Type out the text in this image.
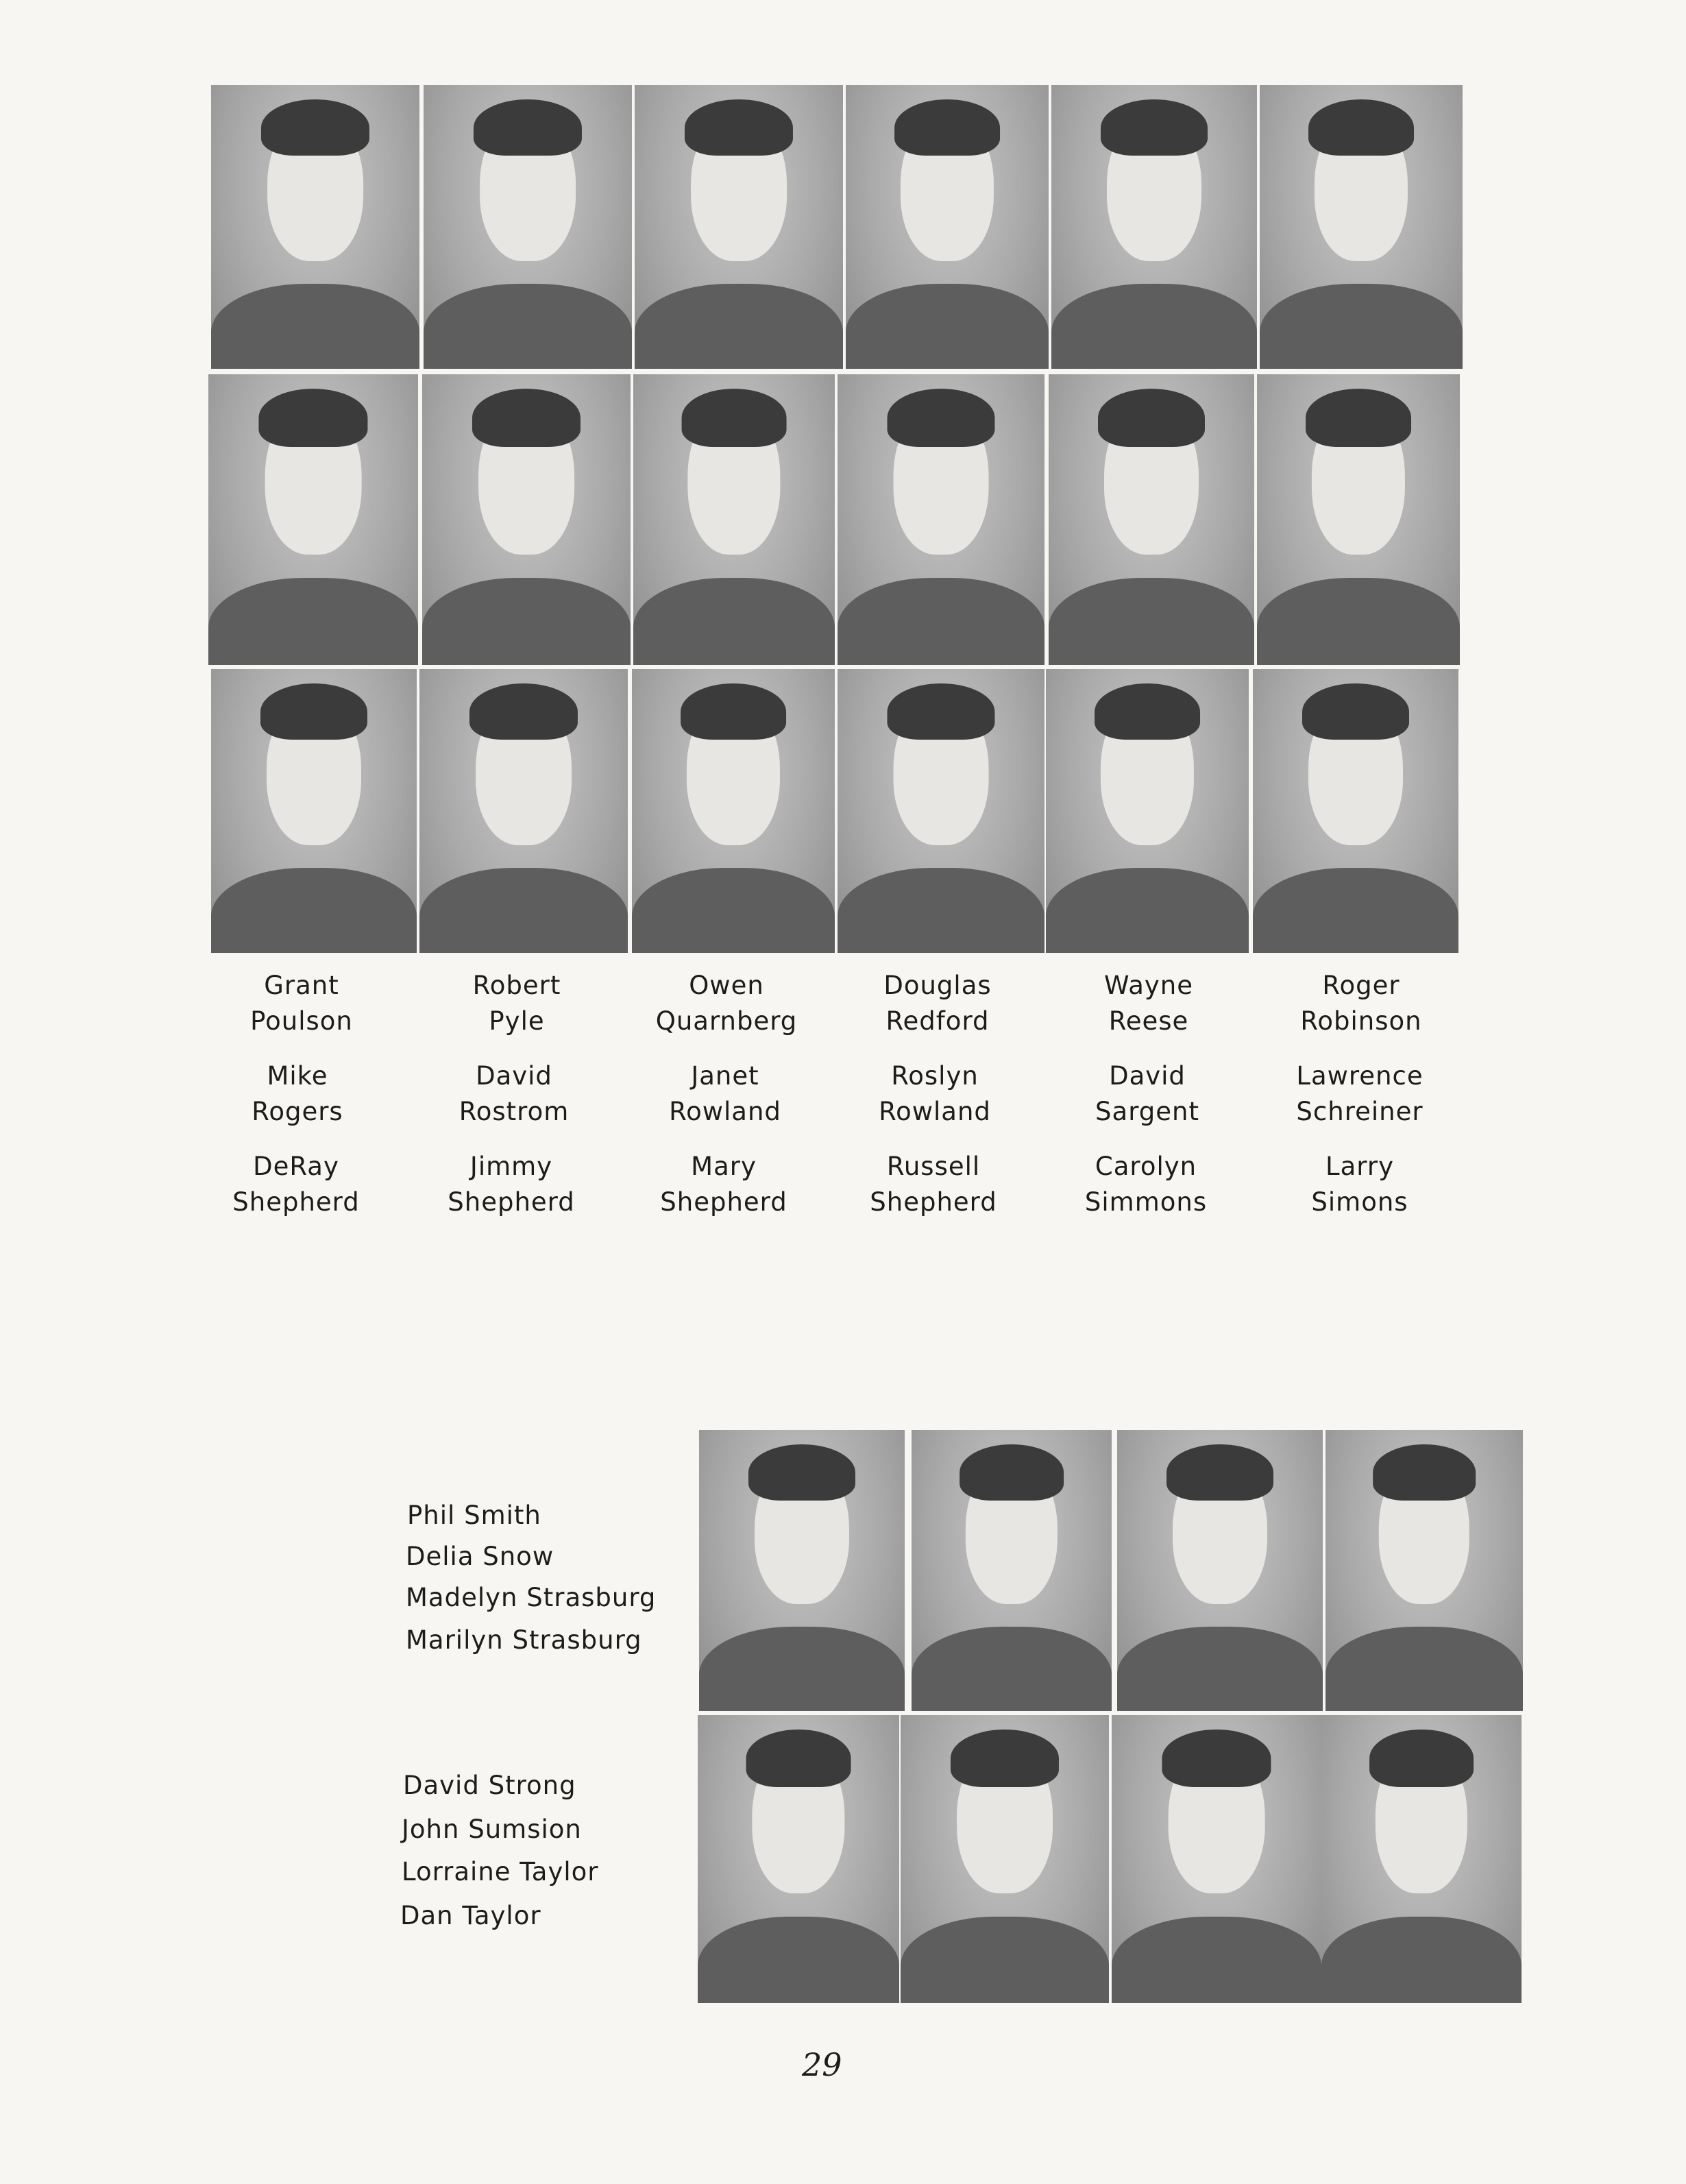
Grant
Poulson
Robert
Pyle
Owen
Quarnberg
Douglas
Redford
Wayne
Reese
Roger
Robinson
Mike
Rogers
David
Rostrom
Janet
Rowland
Roslyn
Rowland
David
Sargent
Lawrence
Schreiner
DeRay
Shepherd
Jimmy
Shepherd
Mary
Shepherd
Russell
Shepherd
Carolyn
Simmons
Larry
Simons
Phil Smith
Delia Snow
Madelyn Strasburg
Marilyn Strasburg
David Strong
John Sumsion
Lorraine Taylor
Dan Taylor
29
